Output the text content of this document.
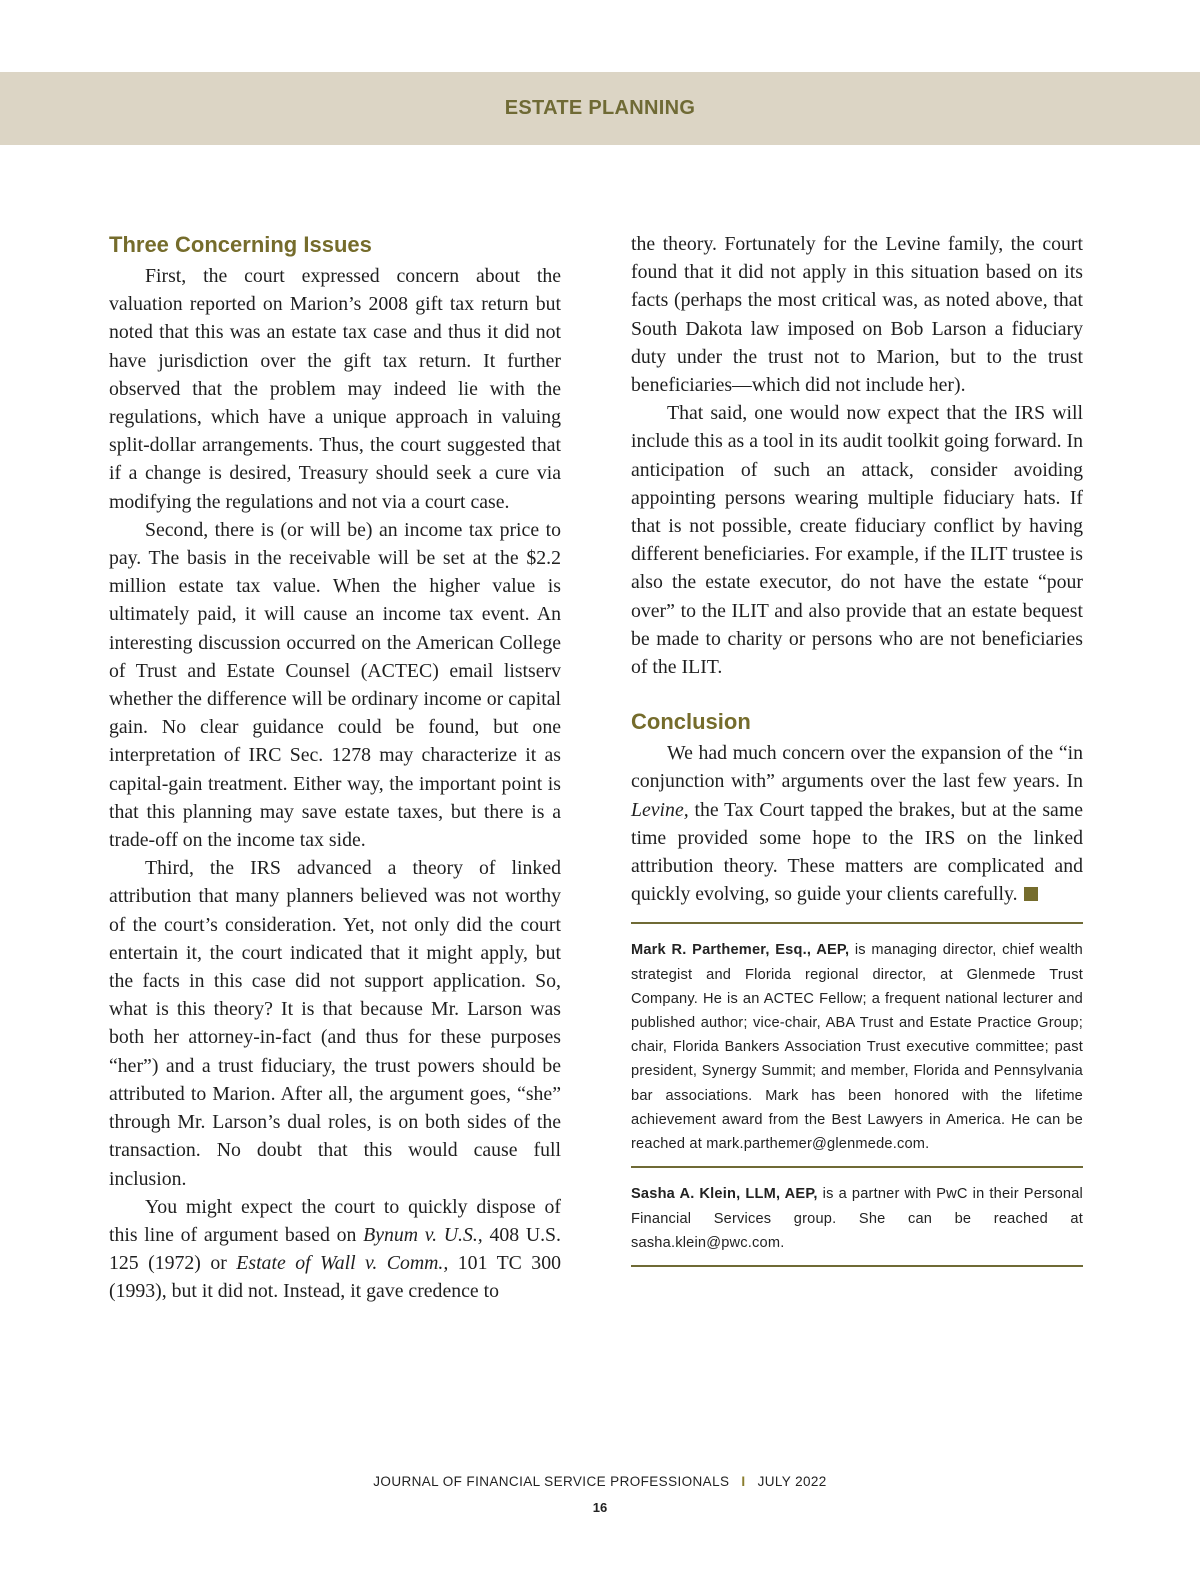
ESTATE PLANNING
Three Concerning Issues

First, the court expressed concern about the valuation reported on Marion’s 2008 gift tax return but noted that this was an estate tax case and thus it did not have jurisdiction over the gift tax return. It further observed that the problem may indeed lie with the regulations, which have a unique approach in valuing split-dollar arrangements. Thus, the court suggested that if a change is desired, Treasury should seek a cure via modifying the regulations and not via a court case.

Second, there is (or will be) an income tax price to pay. The basis in the receivable will be set at the $2.2 million estate tax value. When the higher value is ultimately paid, it will cause an income tax event. An interesting discussion occurred on the American College of Trust and Estate Counsel (ACTEC) email listserv whether the difference will be ordinary income or capital gain. No clear guidance could be found, but one interpretation of IRC Sec. 1278 may characterize it as capital-gain treatment. Either way, the important point is that this planning may save estate taxes, but there is a trade-off on the income tax side.

Third, the IRS advanced a theory of linked attribution that many planners believed was not worthy of the court’s consideration. Yet, not only did the court entertain it, the court indicated that it might apply, but the facts in this case did not support application. So, what is this theory? It is that because Mr. Larson was both her attorney-in-fact (and thus for these purposes “her”) and a trust fiduciary, the trust powers should be attributed to Marion. After all, the argument goes, “she” through Mr. Larson’s dual roles, is on both sides of the transaction. No doubt that this would cause full inclusion.

You might expect the court to quickly dispose of this line of argument based on Bynum v. U.S., 408 U.S. 125 (1972) or Estate of Wall v. Comm., 101 TC 300 (1993), but it did not. Instead, it gave credence to

the theory. Fortunately for the Levine family, the court found that it did not apply in this situation based on its facts (perhaps the most critical was, as noted above, that South Dakota law imposed on Bob Larson a fiduciary duty under the trust not to Marion, but to the trust beneficiaries—which did not include her).

That said, one would now expect that the IRS will include this as a tool in its audit toolkit going forward. In anticipation of such an attack, consider avoiding appointing persons wearing multiple fiduciary hats. If that is not possible, create fiduciary conflict by having different beneficiaries. For example, if the ILIT trustee is also the estate executor, do not have the estate “pour over” to the ILIT and also provide that an estate bequest be made to charity or persons who are not beneficiaries of the ILIT.

Conclusion

We had much concern over the expansion of the “in conjunction with” arguments over the last few years. In Levine, the Tax Court tapped the brakes, but at the same time provided some hope to the IRS on the linked attribution theory. These matters are complicated and quickly evolving, so guide your clients carefully.

Mark R. Parthemer, Esq., AEP, is managing director, chief wealth strategist and Florida regional director, at Glenmede Trust Company. He is an ACTEC Fellow; a frequent national lecturer and published author; vice-chair, ABA Trust and Estate Practice Group; chair, Florida Bankers Association Trust executive committee; past president, Synergy Summit; and member, Florida and Pennsylvania bar associations. Mark has been honored with the lifetime achievement award from the Best Lawyers in America. He can be reached at mark.parthemer@glenmede.com.
Sasha A. Klein, LLM, AEP, is a partner with PwC in their Personal Financial Services group. She can be reached at sasha.klein@pwc.com.
JOURNAL OF FINANCIAL SERVICE PROFESSIONALS I JULY 2022
16
